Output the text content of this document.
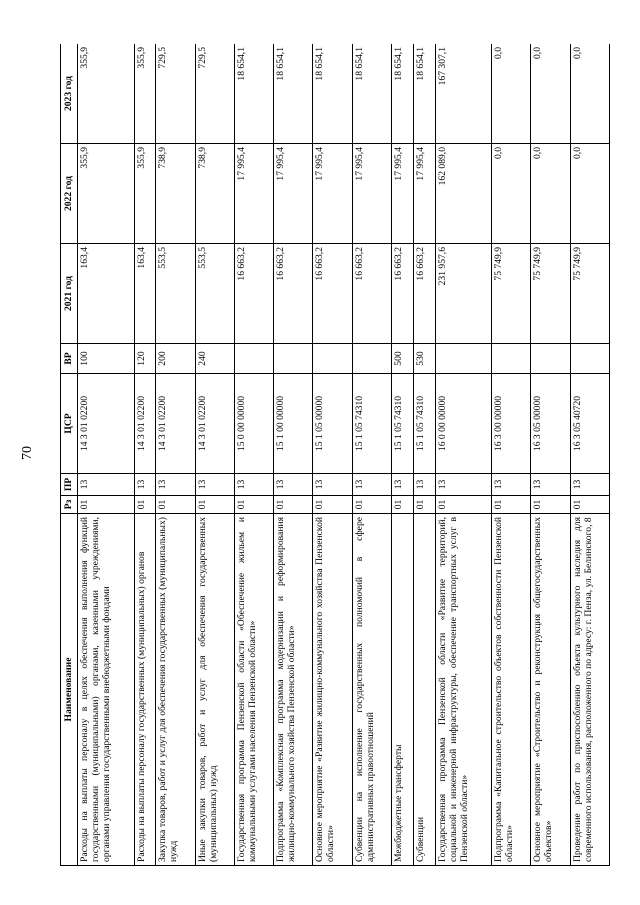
70
Наименование	Рз	ПР	ЦСР	ВР	2021 год	2022 год	2023 год
Расходы на выплаты персоналу в целях обеспечения выполнения функций государственными (муниципальными) органами, казенными учреждениями, органами управления государственными внебюджетными фондами	01	13	14 3 01 02200	100	163,4	355,9	355,9
Расходы на выплаты персоналу государственных (муниципальных) органов	01	13	14 3 01 02200	120	163,4	355,9	355,9
Закупка товаров, работ и услуг для обеспечения государственных (муниципальных) нужд	01	13	14 3 01 02200	200	553,5	738,9	729,5
Иные закупки товаров, работ и услуг для обеспечения государственных (муниципальных) нужд	01	13	14 3 01 02200	240	553,5	738,9	729,5
Государственная программа Пензенской области «Обеспечение жильем и коммунальными услугами населения Пензенской области»	01	13	15 0 00 00000		16 663,2	17 995,4	18 654,1
Подпрограмма «Комплексная программа модернизации и реформирования жилищно-коммунального хозяйства Пензенской области»	01	13	15 1 00 00000		16 663,2	17 995,4	18 654,1
Основное мероприятие «Развитие жилищно-коммунального хозяйства Пензенской области»	01	13	15 1 05 00000		16 663,2	17 995,4	18 654,1
Субвенции на исполнение государственных полномочий в сфере административных правоотношений	01	13	15 1 05 74310		16 663,2	17 995,4	18 654,1
Межбюджетные трансферты	01	13	15 1 05 74310	500	16 663,2	17 995,4	18 654,1
Субвенции	01	13	15 1 05 74310	530	16 663,2	17 995,4	18 654,1
Государственная программа Пензенской области «Развитие территорий, социальной и инженерной инфраструктуры, обеспечение транспортных услуг в Пензенской области»	01	13	16 0 00 00000		231 957,6	162 089,0	167 307,1
Подпрограмма «Капитальное строительство объектов собственности Пензенской области»	01	13	16 3 00 00000		75 749,9	0,0	0,0
Основное мероприятие «Строительство и реконструкция общегосударственных объектов»	01	13	16 3 05 00000		75 749,9	0,0	0,0
Проведение работ по приспособлению объекта культурного наследия для современного использования, расположенного по адресу: г. Пенза, ул. Белинского, 8	01	13	16 3 05 40720		75 749,9	0,0	0,0
